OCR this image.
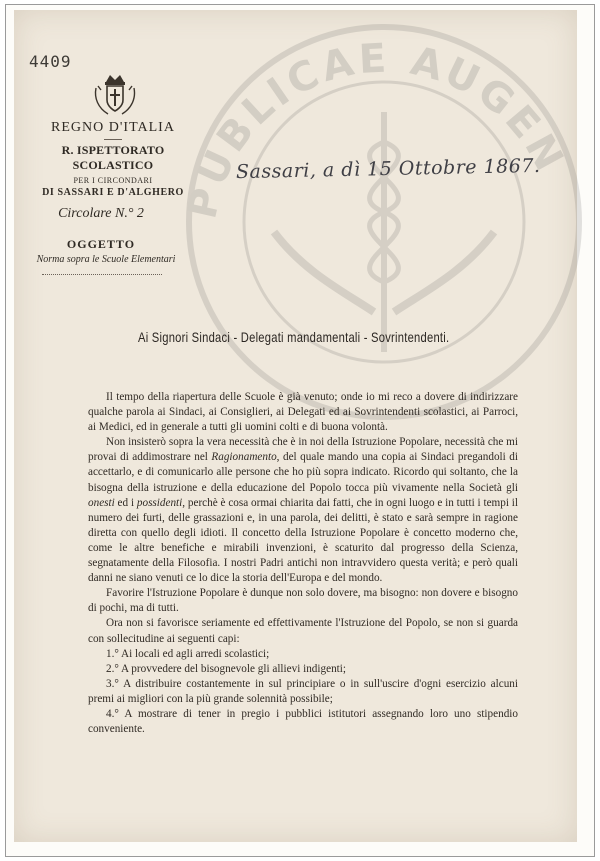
PUBLICAE AUGEN
4409
REGNO D'ITALIA
R. ISPETTORATO SCOLASTICO
PER I CIRCONDARI
DI SASSARI E D'ALGHERO
Circolare N.° 2
OGGETTO
Norma sopra le Scuole Elementari
Sassari, a dì 15 Ottobre 1867.
Ai Signori Sindaci - Delegati mandamentali - Sovrintendenti.

Il tempo della riapertura delle Scuole è già venuto; onde io mi reco a dovere di indirizzare qualche parola ai Sindaci, ai Consiglieri, ai Delegati ed ai Sovrintendenti scolastici, ai Parroci, ai Medici, ed in generale a tutti gli uomini colti e di buona volontà.

Non insisterò sopra la vera necessità che è in noi della Istruzione Popolare, necessità che mi provai di addimostrare nel Ragionamento, del quale mando una copia ai Sindaci pregandoli di accettarlo, e di comunicarlo alle persone che ho più sopra indicato. Ricordo qui soltanto, che la bisogna della istruzione e della educazione del Popolo tocca più vivamente nella Società gli onesti ed i possidenti, perchè è cosa ormai chiarita dai fatti, che in ogni luogo e in tutti i tempi il numero dei furti, delle grassazioni e, in una parola, dei delitti, è stato e sarà sempre in ragione diretta con quello degli idioti. Il concetto della Istruzione Popolare è concetto moderno che, come le altre benefiche e mirabili invenzioni, è scaturito dal progresso della Scienza, segnatamente della Filosofia. I nostri Padri antichi non intravvidero questa verità; e però quali danni ne siano venuti ce lo dice la storia dell'Europa e del mondo.

Favorire l'Istruzione Popolare è dunque non solo dovere, ma bisogno: non dovere e bisogno di pochi, ma di tutti.

Ora non si favorisce seriamente ed effettivamente l'Istruzione del Popolo, se non si guarda con sollecitudine ai seguenti capi:

1.° Ai locali ed agli arredi scolastici;

2.° A provvedere del bisognevole gli allievi indigenti;

3.° A distribuire costantemente in sul principiare o in sull'uscire d'ogni esercizio alcuni premi ai migliori con la più grande solennità possibile;

4.° A mostrare di tener in pregio i pubblici istitutori assegnando loro uno stipendio conveniente.
